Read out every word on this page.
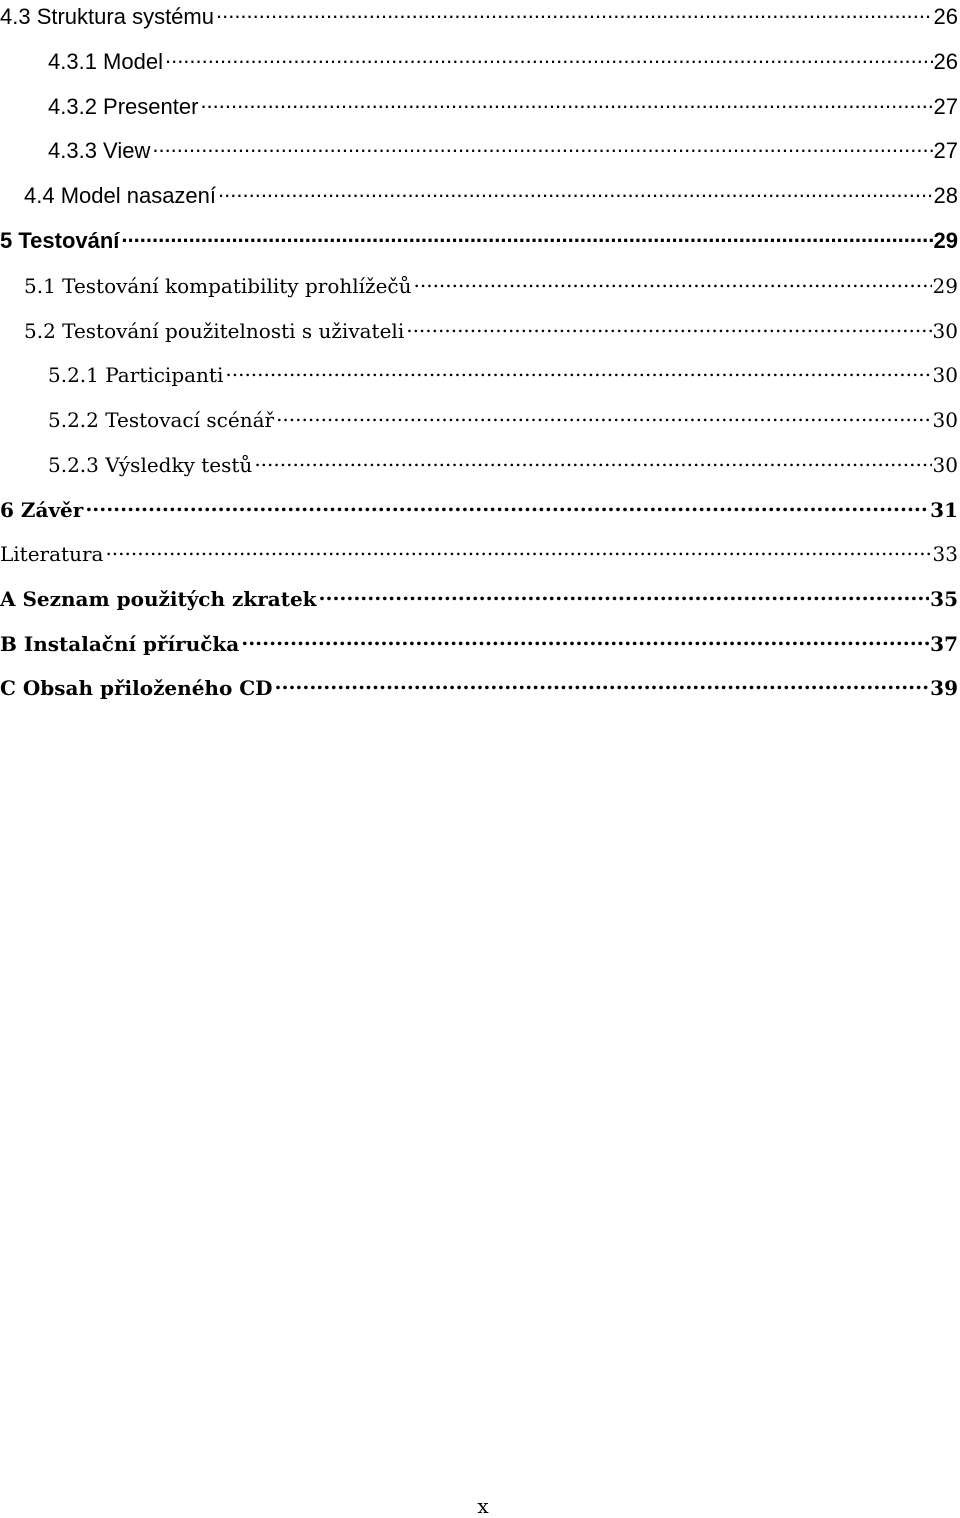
4.3 Struktura systému .....	26
4.3.1 Model .....	26
4.3.2 Presenter .....	27
4.3.3 View .....	27
4.4 Model nasazení .....	28
5 Testování .....	29
5.1 Testování kompatibility prohlížečů .....	29
5.2 Testování použitelnosti s uživateli .....	30
5.2.1 Participanti .....	30
5.2.2 Testovací scénář .....	30
5.2.3 Výsledky testů .....	30
6 Závěr .....	31
Literatura .....	33
A Seznam použitých zkratek .....	35
B Instalační příručka .....	37
C Obsah přiloženého CD .....	39
x
